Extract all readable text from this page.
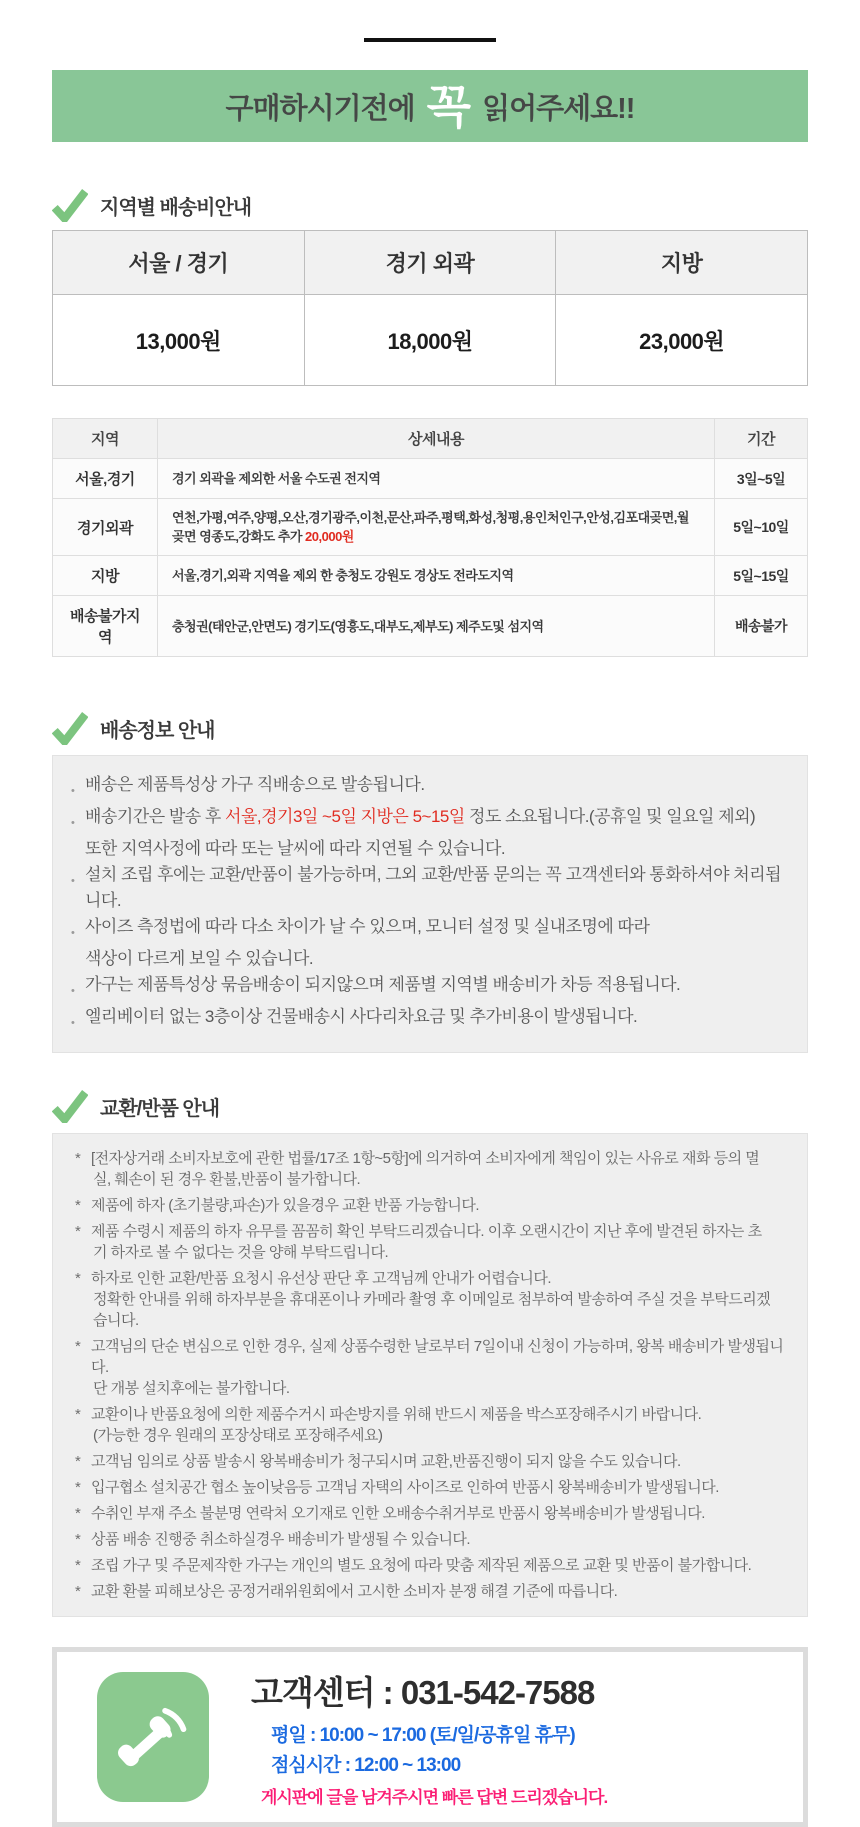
구매하시기전에 꼭 읽어주세요!!
지역별 배송비안내
서울 / 경기	경기 외곽	지방
13,000원	18,000원	23,000원
지역	상세내용	기간
서울,경기	경기 외곽을 제외한 서울 수도권 전지역	3일~5일
경기외곽	연천,가평,여주,양평,오산,경기광주,이천,문산,파주,평택,화성,청평,용인처인구,안성,김포대곶면,월곶면 영종도,강화도 추가 20,000원	5일~10일
지방	서울,경기,외곽 지역을 제외 한 충청도 강원도 경상도 전라도지역	5일~15일
배송불가지역	충청권(태안군,안면도) 경기도(영흥도,대부도,제부도) 제주도및 섬지역	배송불가
배송정보 안내
• 배송은 제품특성상 가구 직배송으로 발송됩니다.
• 배송기간은 발송 후 서울,경기3일 ~5일 지방은 5~15일 정도 소요됩니다.(공휴일 및 일요일 제외)
또한 지역사정에 따라 또는 날씨에 따라 지연될 수 있습니다.
• 설치 조립 후에는 교환/반품이 불가능하며, 그외 교환/반품 문의는 꼭 고객센터와 통화하셔야 처리됩니다.
• 사이즈 측정법에 따라 다소 차이가 날 수 있으며, 모니터 설정 및 실내조명에 따라
색상이 다르게 보일 수 있습니다.
• 가구는 제품특성상 묶음배송이 되지않으며 제품별 지역별 배송비가 차등 적용됩니다.
• 엘리베이터 없는 3층이상 건물배송시 사다리차요금 및 추가비용이 발생됩니다.
교환/반품 안내
* [전자상거래 소비자보호에 관한 법률/17조 1항~5항]에 의거하여 소비자에게 책임이 있는 사유로 재화 등의 멸
실, 훼손이 된 경우 환불,반품이 불가합니다.
* 제품에 하자 (초기불량,파손)가 있을경우 교환 반품 가능합니다.
* 제품 수령시 제품의 하자 유무를 꼼꼼히 확인 부탁드리겠습니다. 이후 오랜시간이 지난 후에 발견된 하자는 초
기 하자로 볼 수 없다는 것을 양해 부탁드립니다.
* 하자로 인한 교환/반품 요청시 유선상 판단 후 고객님께 안내가 어렵습니다.
정확한 안내를 위해 하자부분을 휴대폰이나 카메라 촬영 후 이메일로 첨부하여 발송하여 주실 것을 부탁드리겠
습니다.
* 고객님의 단순 변심으로 인한 경우, 실제 상품수령한 날로부터 7일이내 신청이 가능하며, 왕복 배송비가 발생됩니다.
단 개봉 설치후에는 불가합니다.
* 교환이나 반품요청에 의한 제품수거시 파손방지를 위해 반드시 제품을 박스포장해주시기 바랍니다.
(가능한 경우 원래의 포장상태로 포장해주세요)
* 고객님 임의로 상품 발송시 왕복배송비가 청구되시며 교환,반품진행이 되지 않을 수도 있습니다.
* 입구협소 설치공간 협소 높이낮음등 고객님 자택의 사이즈로 인하여 반품시 왕복배송비가 발생됩니다.
* 수취인 부재 주소 불분명 연락처 오기재로 인한 오배송수취거부로 반품시 왕복배송비가 발생됩니다.
* 상품 배송 진행중 취소하실경우 배송비가 발생될 수 있습니다.
* 조립 가구 및 주문제작한 가구는 개인의 별도 요청에 따라 맞춤 제작된 제품으로 교환 및 반품이 불가합니다.
* 교환 환불 피해보상은 공정거래위원회에서 고시한 소비자 분쟁 해결 기준에 따릅니다.
고객센터 : 031-542-7588
평일 : 10:00 ~ 17:00 (토/일/공휴일 휴무)
점심시간 : 12:00 ~ 13:00
게시판에 글을 남겨주시면 빠른 답변 드리겠습니다.
